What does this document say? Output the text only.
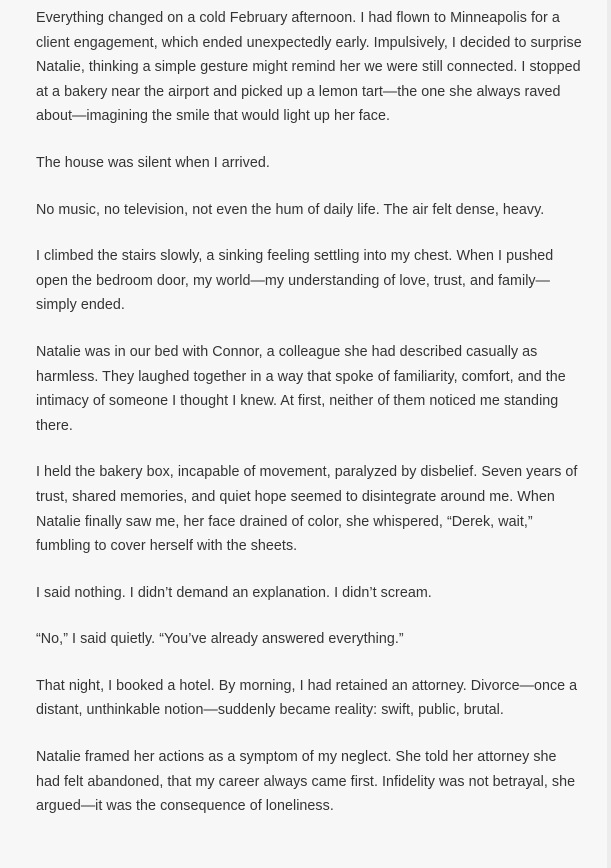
Everything changed on a cold February afternoon. I had flown to Minneapolis for a client engagement, which ended unexpectedly early. Impulsively, I decided to surprise Natalie, thinking a simple gesture might remind her we were still connected. I stopped at a bakery near the airport and picked up a lemon tart—the one she always raved about—imagining the smile that would light up her face.

The house was silent when I arrived.

No music, no television, not even the hum of daily life. The air felt dense, heavy.

I climbed the stairs slowly, a sinking feeling settling into my chest. When I pushed open the bedroom door, my world—my understanding of love, trust, and family—simply ended.

Natalie was in our bed with Connor, a colleague she had described casually as harmless. They laughed together in a way that spoke of familiarity, comfort, and the intimacy of someone I thought I knew. At first, neither of them noticed me standing there.

I held the bakery box, incapable of movement, paralyzed by disbelief. Seven years of trust, shared memories, and quiet hope seemed to disintegrate around me. When Natalie finally saw me, her face drained of color, she whispered, “Derek, wait,” fumbling to cover herself with the sheets.

I said nothing. I didn’t demand an explanation. I didn’t scream.

“No,” I said quietly. “You’ve already answered everything.”

That night, I booked a hotel. By morning, I had retained an attorney. Divorce—once a distant, unthinkable notion—suddenly became reality: swift, public, brutal.

Natalie framed her actions as a symptom of my neglect. She told her attorney she had felt abandoned, that my career always came first. Infidelity was not betrayal, she argued—it was the consequence of loneliness.
